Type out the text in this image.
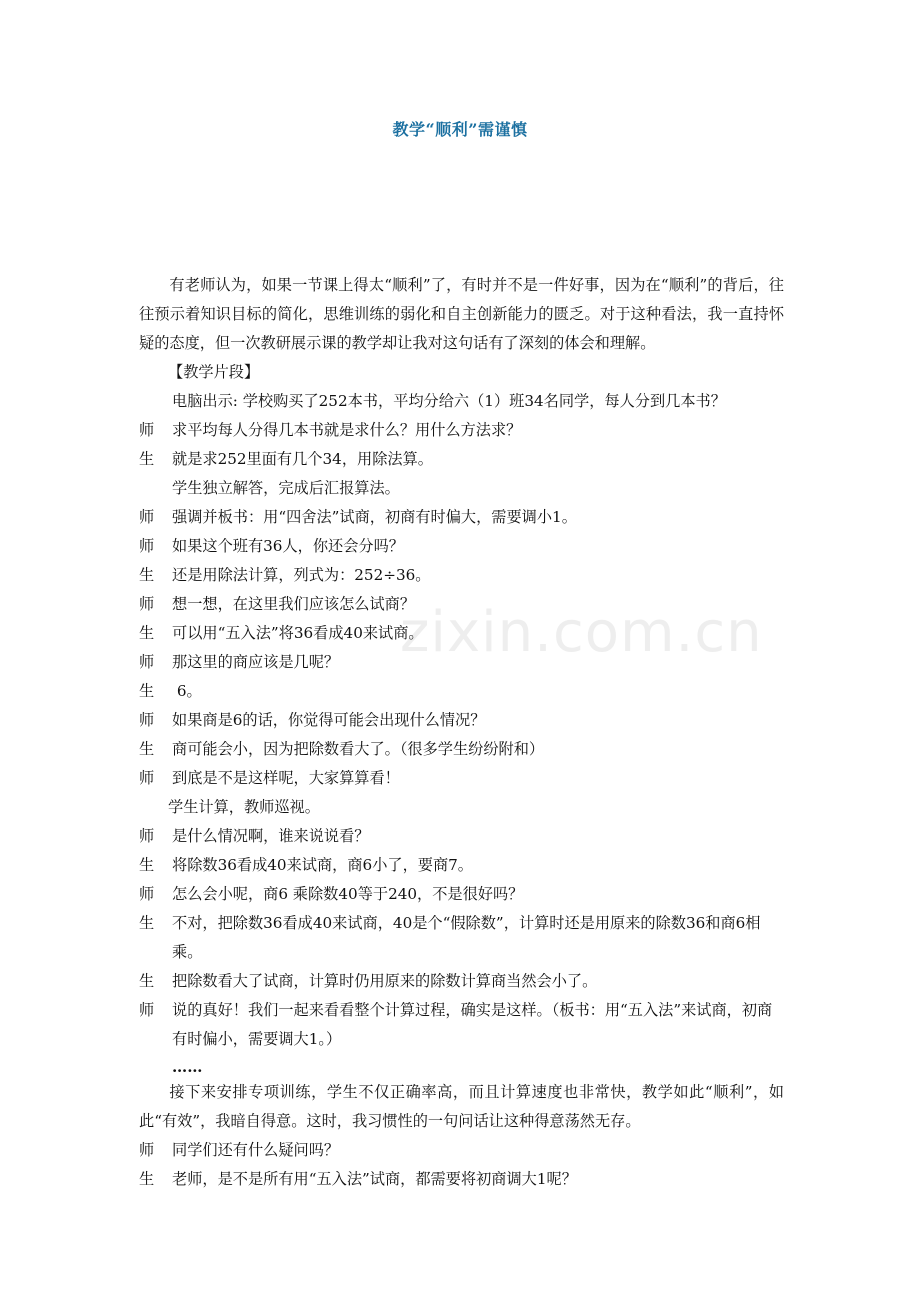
教学“顺利”需谨慎
zixin.com.cn

有老师认为，如果一节课上得太“顺利”了，有时并不是一件好事，因为在“顺利”的背后，往往预示着知识目标的简化，思维训练的弱化和自主创新能力的匮乏。对于这种看法，我一直持怀疑的态度，但一次教研展示课的教学却让我对这句话有了深刻的体会和理解。

【教学片段】

电脑出示: 学校购买了252本书，平均分给六（1）班34名同学，每人分到几本书？

师	求平均每人分得几本书就是求什么？用什么方法求？
生	就是求252里面有几个34，用除法算。

学生独立解答，完成后汇报算法。

师	强调并板书：用“四舍法”试商，初商有时偏大，需要调小1。
师	如果这个班有36人，你还会分吗？
生	还是用除法计算，列式为：252÷36。
师	想一想，在这里我们应该怎么试商？
生	可以用“五入法”将36看成40来试商。
师	那这里的商应该是几呢？
生	6。
师	如果商是6的话，你觉得可能会出现什么情况？
生	商可能会小，因为把除数看大了。（很多学生纷纷附和）
师	到底是不是这样呢，大家算算看！

学生计算，教师巡视。

师	是什么情况啊，谁来说说看？
生	将除数36看成40来试商，商6小了，要商7。
师	怎么会小呢，商6 乘除数40等于240，不是很好吗？
生	不对，把除数36看成40来试商，40是个“假除数”，计算时还是用原来的除数36和商6相乘。
生	把除数看大了试商，计算时仍用原来的除数计算商当然会小了。
师	说的真好！我们一起来看看整个计算过程，确实是这样。（板书：用“五入法”来试商，初商有时偏小，需要调大1。）

……

接下来安排专项训练，学生不仅正确率高，而且计算速度也非常快，教学如此“顺利”，如此“有效”，我暗自得意。这时，我习惯性的一句问话让这种得意荡然无存。

师	同学们还有什么疑问吗？
生	老师，是不是所有用“五入法”试商，都需要将初商调大1呢？
